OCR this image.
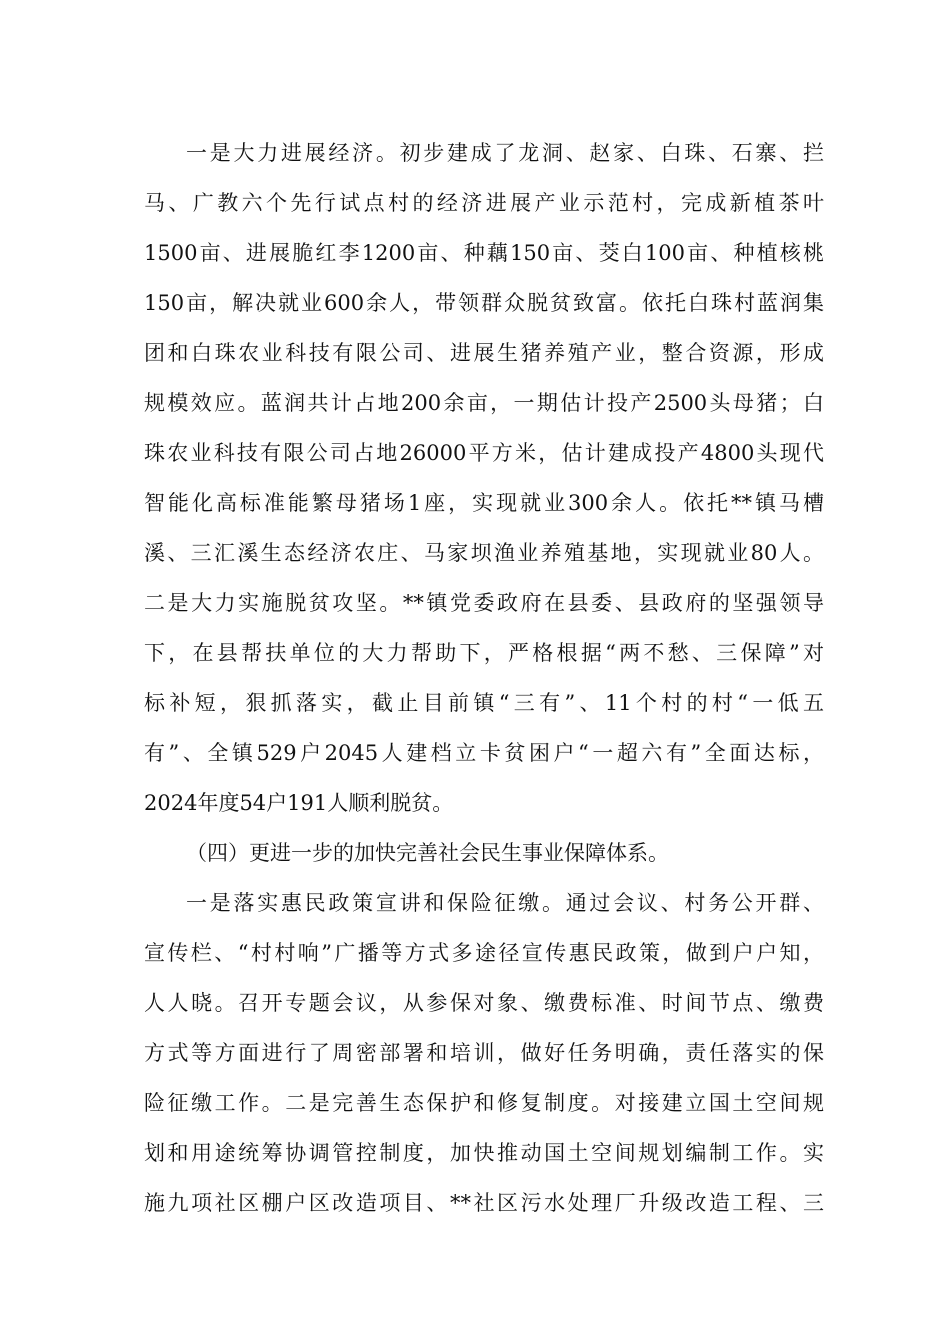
一是大力进展经济。初步建成了龙洞、赵家、白珠、石寨、拦
马、广教六个先行试点村的经济进展产业示范村，完成新植茶叶
1500亩、进展脆红李1200亩、种藕150亩、茭白100亩、种植核桃
150亩，解决就业600余人，带领群众脱贫致富。依托白珠村蓝润集
团和白珠农业科技有限公司、进展生猪养殖产业，整合资源，形成
规模效应。蓝润共计占地200余亩，一期估计投产2500头母猪；白
珠农业科技有限公司占地26000平方米，估计建成投产4800头现代
智能化高标准能繁母猪场1座，实现就业300余人。依托**镇马槽
溪、三汇溪生态经济农庄、马家坝渔业养殖基地，实现就业80人。
二是大力实施脱贫攻坚。**镇党委政府在县委、县政府的坚强领导
下，在县帮扶单位的大力帮助下，严格根据“两不愁、三保障”对
标补短，狠抓落实，截止目前镇“三有”、11个村的村“一低五
有”、全镇529户2045人建档立卡贫困户“一超六有”全面达标，
2024年度54户191人顺利脱贫。
（四）更进一步的加快完善社会民生事业保障体系。
一是落实惠民政策宣讲和保险征缴。通过会议、村务公开群、
宣传栏、“村村响”广播等方式多途径宣传惠民政策，做到户户知，
人人晓。召开专题会议，从参保对象、缴费标准、时间节点、缴费
方式等方面进行了周密部署和培训，做好任务明确，责任落实的保
险征缴工作。二是完善生态保护和修复制度。对接建立国土空间规
划和用途统筹协调管控制度，加快推动国土空间规划编制工作。实
施九项社区棚户区改造项目、**社区污水处理厂升级改造工程、三
